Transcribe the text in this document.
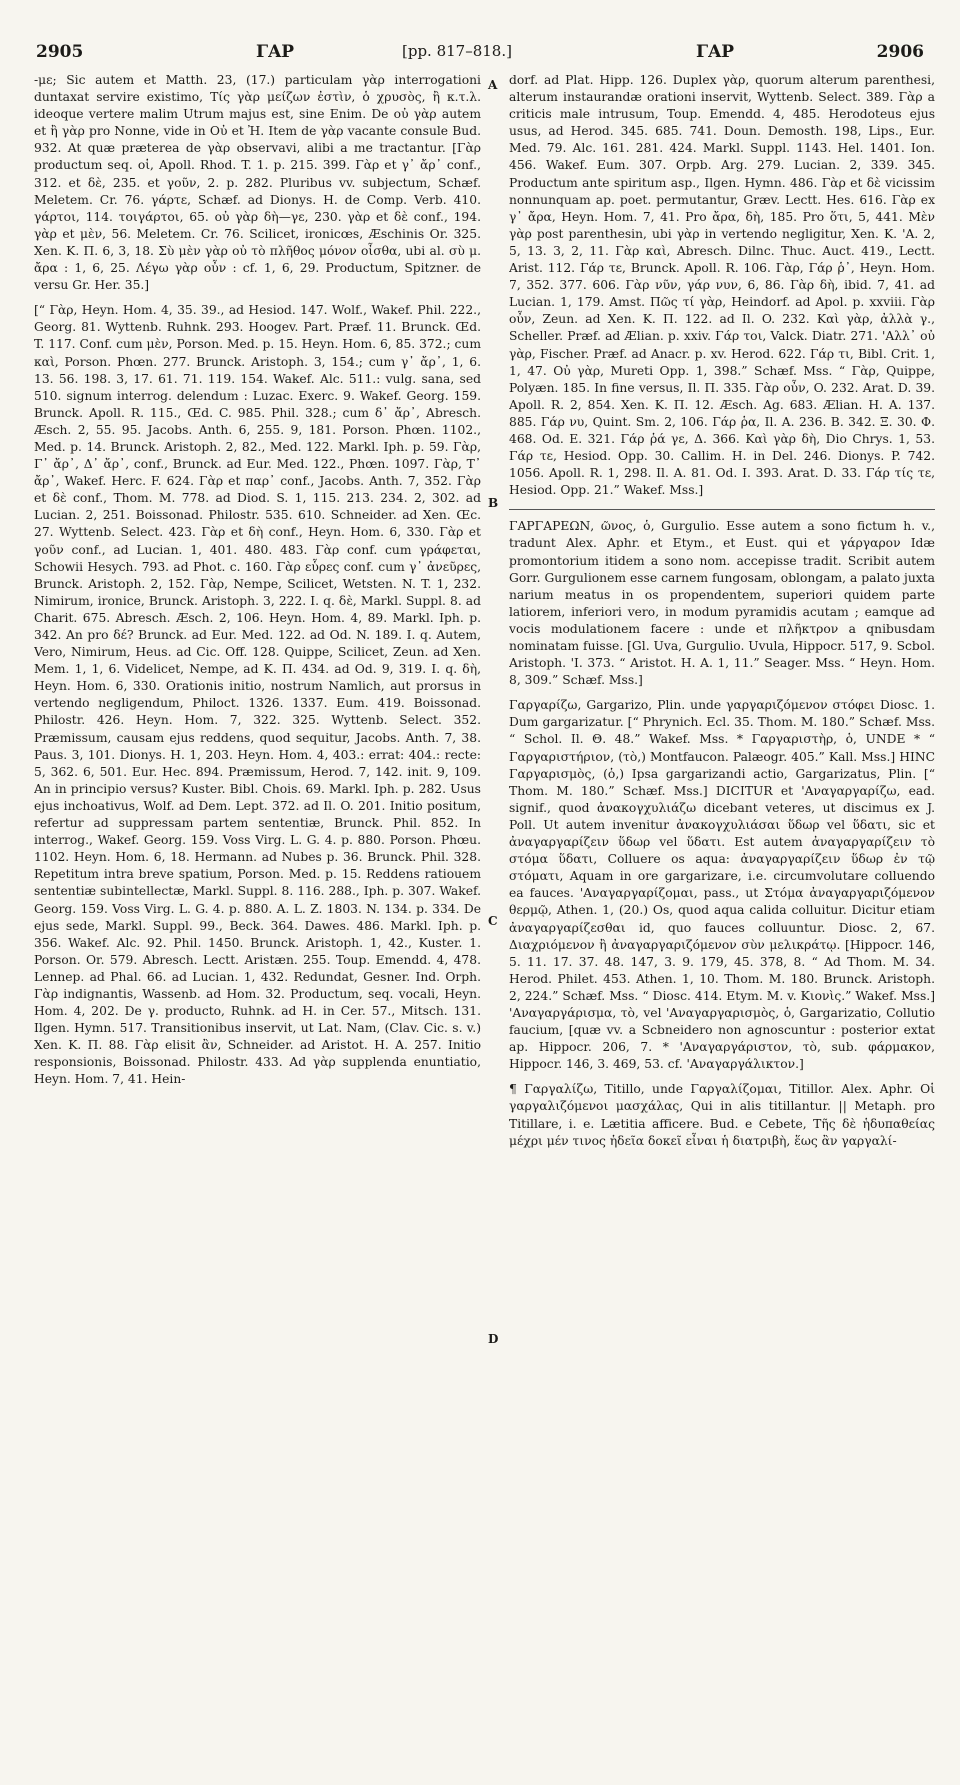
2905	ΓΑΡ	[pp. 817–818.]	ΓΑΡ	2906
A
B
C
D

-με; Sic autem et Matth. 23, (17.) particulam γὰρ interrogationi duntaxat servire existimo, Τίς γὰρ μείζων ἐστὶν, ὁ χρυσὸς, ἢ κ.τ.λ. ideoque vertere malim Utrum majus est, sine Enim. De οὐ γὰρ autem et ἢ γὰρ pro Nonne, vide in Οὐ et Ἠ. Item de γὰρ vacante consule Bud. 932. At quæ præterea de γὰρ observavi, alibi a me tractantur. [Γὰρ productum seq. οἱ, Apoll. Rhod. T. 1. p. 215. 399. Γὰρ et γ᾽ ἄρ᾽ conf., 312. et δὲ, 235. et γοῦν, 2. p. 282. Pluribus vv. subjectum, Schæf. Meletem. Cr. 76. γάρτε, Schæf. ad Dionys. H. de Comp. Verb. 410. γάρτοι, 114. τοιγάρτοι, 65. οὐ γὰρ δὴ—γε, 230. γὰρ et δὲ conf., 194. γὰρ et μὲν, 56. Meletem. Cr. 76. Scilicet, ironicœs, Æschinis Or. 325. Xen. K. Π. 6, 3, 18. Σὺ μὲν γὰρ οὐ τὸ πλῆθος μόνον οἶσθα, ubi al. σὺ μ. ἄρα : 1, 6, 25. Λέγω γὰρ οὖν : cf. 1, 6, 29. Productum, Spitzner. de versu Gr. Her. 35.]

[“ Γὰρ, Heyn. Hom. 4, 35. 39., ad Hesiod. 147. Wolf., Wakef. Phil. 222., Georg. 81. Wyttenb. Ruhnk. 293. Hoogev. Part. Præf. 11. Brunck. Œd. T. 117. Conf. cum μὲν, Porson. Med. p. 15. Heyn. Hom. 6, 85. 372.; cum καὶ, Porson. Phœn. 277. Brunck. Aristoph. 3, 154.; cum γ᾽ ἄρ᾽, 1, 6. 13. 56. 198. 3, 17. 61. 71. 119. 154. Wakef. Alc. 511.: vulg. sana, sed 510. signum interrog. delendum : Luzac. Exerc. 9. Wakef. Georg. 159. Brunck. Apoll. R. 115., Œd. C. 985. Phil. 328.; cum δ᾽ ἄρ᾽, Abresch. Æsch. 2, 55. 95. Jacobs. Anth. 6, 255. 9, 181. Porson. Phœn. 1102., Med. p. 14. Brunck. Aristoph. 2, 82., Med. 122. Markl. Iph. p. 59. Γὰρ, Γ᾽ ἄρ᾽, Δ᾽ ἄρ᾽, conf., Brunck. ad Eur. Med. 122., Phœn. 1097. Γὰρ, Τ᾽ ἄρ᾽, Wakef. Herc. F. 624. Γὰρ et παρ᾽ conf., Jacobs. Anth. 7, 352. Γὰρ et δὲ conf., Thom. M. 778. ad Diod. S. 1, 115. 213. 234. 2, 302. ad Lucian. 2, 251. Boissonad. Philostr. 535. 610. Schneider. ad Xen. Œc. 27. Wyttenb. Select. 423. Γὰρ et δὴ conf., Heyn. Hom. 6, 330. Γὰρ et γοῦν conf., ad Lucian. 1, 401. 480. 483. Γὰρ conf. cum γράφεται, Schowii Hesych. 793. ad Phot. c. 160. Γὰρ εὗρες conf. cum γ᾽ ἀνεῦρες, Brunck. Aristoph. 2, 152. Γὰρ, Nempe, Scilicet, Wetsten. N. T. 1, 232. Nimirum, ironice, Brunck. Aristoph. 3, 222. I. q. δὲ, Markl. Suppl. 8. ad Charit. 675. Abresch. Æsch. 2, 106. Heyn. Hom. 4, 89. Markl. Iph. p. 342. An pro δέ? Brunck. ad Eur. Med. 122. ad Od. N. 189. I. q. Autem, Vero, Nimirum, Heus. ad Cic. Off. 128. Quippe, Scilicet, Zeun. ad Xen. Mem. 1, 1, 6. Videlicet, Nempe, ad K. Π. 434. ad Od. 9, 319. I. q. δὴ, Heyn. Hom. 6, 330. Orationis initio, nostrum Namlich, aut prorsus in vertendo negligendum, Philoct. 1326. 1337. Eum. 419. Boissonad. Philostr. 426. Heyn. Hom. 7, 322. 325. Wyttenb. Select. 352. Præmissum, causam ejus reddens, quod sequitur, Jacobs. Anth. 7, 38. Paus. 3, 101. Dionys. H. 1, 203. Heyn. Hom. 4, 403.: errat: 404.: recte: 5, 362. 6, 501. Eur. Hec. 894. Præmissum, Herod. 7, 142. init. 9, 109. An in principio versus? Kuster. Bibl. Chois. 69. Markl. Iph. p. 282. Usus ejus inchoativus, Wolf. ad Dem. Lept. 372. ad Il. O. 201. Initio positum, refertur ad suppressam partem sententiæ, Brunck. Phil. 852. In interrog., Wakef. Georg. 159. Voss Virg. L. G. 4. p. 880. Porson. Phœu. 1102. Heyn. Hom. 6, 18. Hermann. ad Nubes p. 36. Brunck. Phil. 328. Repetitum intra breve spatium, Porson. Med. p. 15. Reddens ratiouem sententiæ subintellectæ, Markl. Suppl. 8. 116. 288., Iph. p. 307. Wakef. Georg. 159. Voss Virg. L. G. 4. p. 880. A. L. Z. 1803. N. 134. p. 334. De ejus sede, Markl. Suppl. 99., Beck. 364. Dawes. 486. Markl. Iph. p. 356. Wakef. Alc. 92. Phil. 1450. Brunck. Aristoph. 1, 42., Kuster. 1. Porson. Or. 579. Abresch. Lectt. Aristæn. 255. Toup. Emendd. 4, 478. Lennep. ad Phal. 66. ad Lucian. 1, 432. Redundat, Gesner. Ind. Orph. Γὰρ indignantis, Wassenb. ad Hom. 32. Productum, seq. vocali, Heyn. Hom. 4, 202. De γ. producto, Ruhnk. ad H. in Cer. 57., Mitsch. 131. Ilgen. Hymn. 517. Transitionibus inservit, ut Lat. Nam, (Clav. Cic. s. v.) Xen. K. Π. 88. Γὰρ elisit ἂν, Schneider. ad Aristot. H. A. 257. Initio responsionis, Boissonad. Philostr. 433. Ad γὰρ supplenda enuntiatio, Heyn. Hom. 7, 41. Hein-

dorf. ad Plat. Hipp. 126. Duplex γὰρ, quorum alterum parenthesi, alterum instaurandæ orationi inservit, Wyttenb. Select. 389. Γὰρ a criticis male intrusum, Toup. Emendd. 4, 485. Herodoteus ejus usus, ad Herod. 345. 685. 741. Doun. Demosth. 198, Lips., Eur. Med. 79. Alc. 161. 281. 424. Markl. Suppl. 1143. Hel. 1401. Ion. 456. Wakef. Eum. 307. Orpb. Arg. 279. Lucian. 2, 339. 345. Productum ante spiritum asp., Ilgen. Hymn. 486. Γὰρ et δὲ vicissim nonnunquam ap. poet. permutantur, Græv. Lectt. Hes. 616. Γὰρ ex γ᾽ ἄρα, Heyn. Hom. 7, 41. Pro ἄρα, δὴ, 185. Pro ὅτι, 5, 441. Μὲν γὰρ post parenthesin, ubi γὰρ in vertendo negligitur, Xen. K. 'A. 2, 5, 13. 3, 2, 11. Γὰρ καὶ, Abresch. Dilnc. Thuc. Auct. 419., Lectt. Arist. 112. Γάρ τε, Brunck. Apoll. R. 106. Γὰρ, Γάρ ῥ᾽, Heyn. Hom. 7, 352. 377. 606. Γὰρ νῦν, γάρ νυν, 6, 86. Γὰρ δὴ, ibid. 7, 41. ad Lucian. 1, 179. Amst. Πῶς τί γὰρ, Heindorf. ad Apol. p. xxviii. Γὰρ οὖν, Zeun. ad Xen. K. Π. 122. ad Il. O. 232. Καὶ γὰρ, ἀλλὰ γ., Scheller. Præf. ad Ælian. p. xxiv. Γάρ τοι, Valck. Diatr. 271. 'Αλλ᾽ οὐ γὰρ, Fischer. Præf. ad Anacr. p. xv. Herod. 622. Γάρ τι, Bibl. Crit. 1, 1, 47. Οὐ γὰρ, Mureti Opp. 1, 398.” Schæf. Mss. “ Γὰρ, Quippe, Polyæn. 185. In fine versus, Il. Π. 335. Γὰρ οὖν, O. 232. Arat. D. 39. Apoll. R. 2, 854. Xen. K. Π. 12. Æsch. Ag. 683. Ælian. H. A. 137. 885. Γάρ νυ, Quint. Sm. 2, 106. Γάρ ῥα, Il. A. 236. B. 342. Ξ. 30. Φ. 468. Od. E. 321. Γάρ ῥά γε, Δ. 366. Καὶ γὰρ δὴ, Dio Chrys. 1, 53. Γάρ τε, Hesiod. Opp. 30. Callim. H. in Del. 246. Dionys. P. 742. 1056. Apoll. R. 1, 298. Il. A. 81. Od. I. 393. Arat. D. 33. Γάρ τίς τε, Hesiod. Opp. 21.” Wakef. Mss.]

ΓΑΡΓΑΡΕΩΝ, ῶνος, ὁ, Gurgulio. Esse autem a sono fictum h. v., tradunt Alex. Aphr. et Etym., et Eust. qui et γάργαρον Idæ promontorium itidem a sono nom. accepisse tradit. Scribit autem Gorr. Gurgulionem esse carnem fungosam, oblongam, a palato juxta narium meatus in os propendentem, superiori quidem parte latiorem, inferiori vero, in modum pyramidis acutam ; eamque ad vocis modulationem facere : unde et πλῆκτρον a qnibusdam nominatam fuisse. [Gl. Uva, Gurgulio. Uvula, Hippocr. 517, 9. Scbol. Aristoph. 'I. 373. “ Aristot. H. A. 1, 11.” Seager. Mss. “ Heyn. Hom. 8, 309.” Schæf. Mss.]

Γαργαρίζω, Gargarizo, Plin. unde γαργαριζόμενον στόφει Diosc. 1. Dum gargarizatur. [“ Phrynich. Ecl. 35. Thom. M. 180.” Schæf. Mss. “ Schol. Il. Θ. 48.” Wakef. Mss. * Γαργαριστὴρ, ὁ, UNDE * “ Γαργαριστήριον, (τὸ,) Montfaucon. Palæogr. 405.” Kall. Mss.] HINC Γαργαρισμὸς, (ὁ,) Ipsa gargarizandi actio, Gargarizatus, Plin. [“ Thom. M. 180.” Schæf. Mss.] DICITUR et 'Αναγαργαρίζω, ead. signif., quod ἀνακογχυλιάζω dicebant veteres, ut discimus ex J. Poll. Ut autem invenitur ἀνακογχυλιάσαι ὕδωρ vel ὕδατι, sic et ἀναγαργαρίζειν ὕδωρ vel ὕδατι. Est autem ἀναγαργαρίζειν τὸ στόμα ὕδατι, Colluere os aqua: ἀναγαργαρίζειν ὕδωρ ἐν τῷ στόματι, Aquam in ore gargarizare, i.e. circumvolutare colluendo ea fauces. 'Αναγαργαρίζομαι, pass., ut Στόμα ἀναγαργαριζόμενον θερμῷ, Athen. 1, (20.) Os, quod aqua calida colluitur. Dicitur etiam ἀναγαργαρίζεσθαι id, quo fauces colluuntur. Diosc. 2, 67. Διαχριόμενον ἢ ἀναγαργαριζόμενον σὺν μελικράτῳ. [Hippocr. 146, 5. 11. 17. 37. 48. 147, 3. 9. 179, 45. 378, 8. “ Ad Thom. M. 34. Herod. Philet. 453. Athen. 1, 10. Thom. M. 180. Brunck. Aristoph. 2, 224.” Schæf. Mss. “ Diosc. 414. Etym. M. v. Κιονὶς.” Wakef. Mss.] 'Αναγαργάρισμα, τὸ, vel 'Αναγαργαρισμὸς, ὁ, Gargarizatio, Collutio faucium, [quæ vv. a Scbneidero non agnoscuntur : posterior extat ap. Hippocr. 206, 7. * 'Αναγαργάριστον, τὸ, sub. φάρμακον, Hippocr. 146, 3. 469, 53. cf. 'Αναγαργάλικτον.]

¶ Γαργαλίζω, Titillo, unde Γαργαλίζομαι, Titillor. Alex. Aphr. Οἱ γαργαλιζόμενοι μασχάλας, Qui in alis titillantur. || Metaph. pro Titillare, i. e. Lætitia afficere. Bud. e Cebete, Τῆς δὲ ἡδυπαθείας μέχρι μέν τινος ἡδεῖα δοκεῖ εἶναι ἡ διατριβὴ, ἕως ἂν γαργαλί-
